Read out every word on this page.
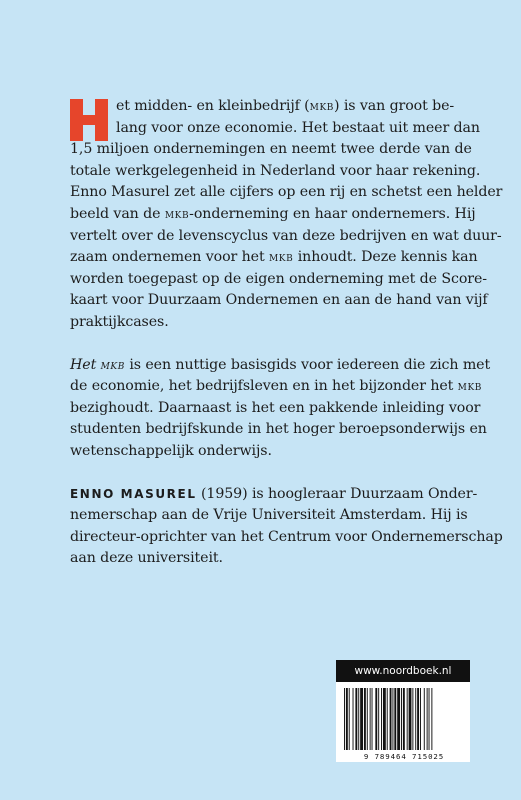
H	et midden- en kleinbedrijf (mkb) is van groot be-
lang voor onze economie. Het bestaat uit meer dan
1,5 miljoen ondernemingen en neemt twee derde van de
totale werkgelegenheid in Nederland voor haar rekening.
Enno Masurel zet alle cijfers op een rij en schetst een helder
beeld van de mkb-onderneming en haar ondernemers. Hij
vertelt over de levenscyclus van deze bedrijven en wat duur-
zaam ondernemen voor het mkb inhoudt. Deze kennis kan
worden toegepast op de eigen onderneming met de Score-
kaart voor Duurzaam Ondernemen en aan de hand van vijf
praktijkcases.

Het mkb is een nuttige basisgids voor iedereen die zich met
de economie, het bedrijfsleven en in het bijzonder het mkb
bezighoudt. Daarnaast is het een pakkende inleiding voor
studenten bedrijfskunde in het hoger beroepsonderwijs en
wetenschappelijk onderwijs.

ENNO MASUREL (1959) is hoogleraar Duurzaam Onder-
nemerschap aan de Vrije Universiteit Amsterdam. Hij is
directeur-oprichter van het Centrum voor Ondernemerschap
aan deze universiteit.

www.noordboek.nl
9 789464 715025
